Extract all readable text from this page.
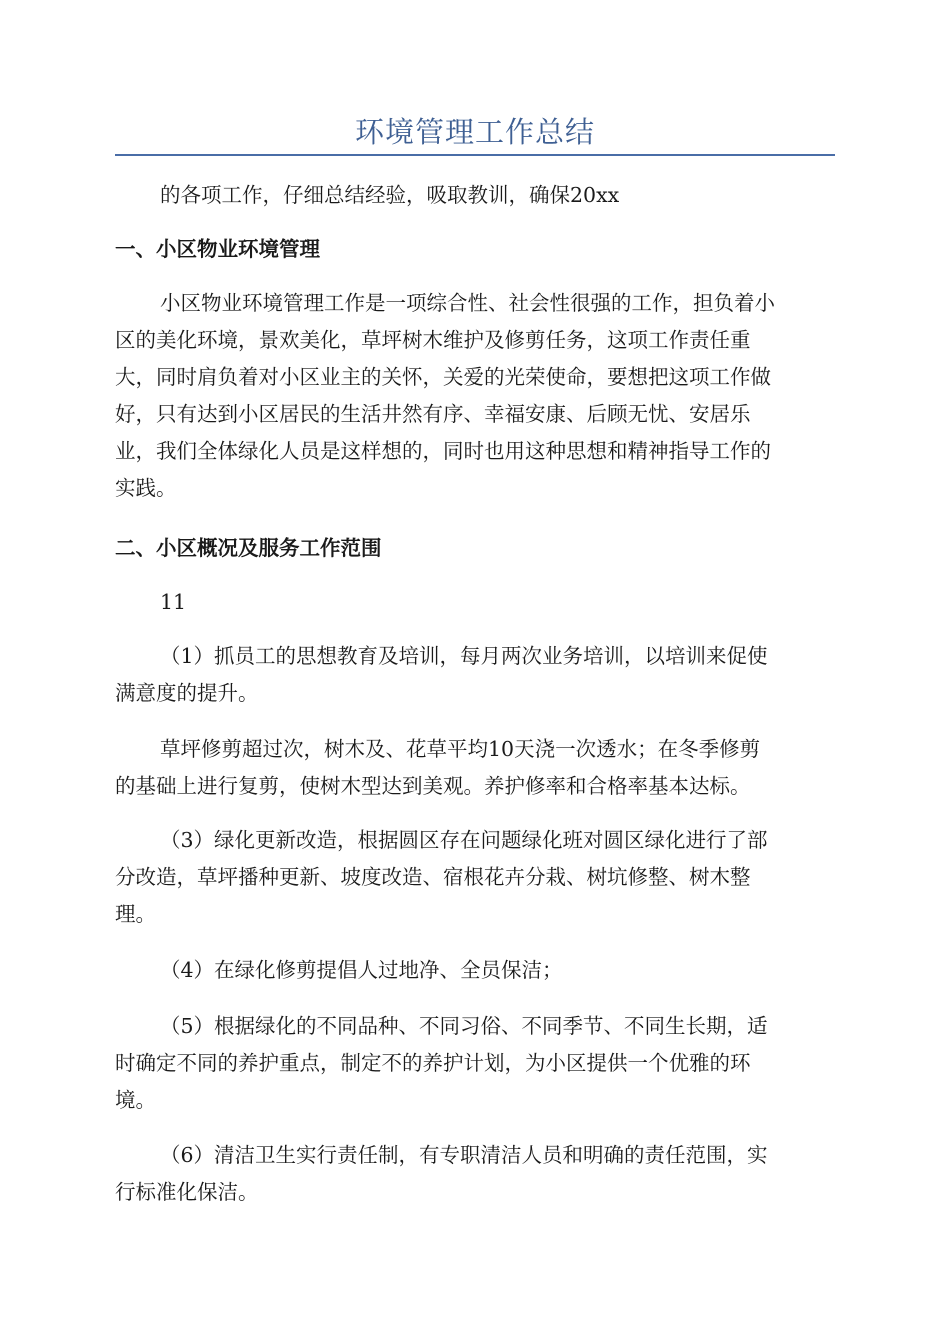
环境管理工作总结
的各项工作，仔细总结经验，吸取教训，确保20xx
一、小区物业环境管理
小区物业环境管理工作是一项综合性、社会性很强的工作，担负着小
区的美化环境，景欢美化，草坪树木维护及修剪任务，这项工作责任重
大，同时肩负着对小区业主的关怀，关爱的光荣使命，要想把这项工作做
好，只有达到小区居民的生活井然有序、幸福安康、后顾无忧、安居乐
业，我们全体绿化人员是这样想的，同时也用这种思想和精神指导工作的
实践。
二、小区概况及服务工作范围
11
（1）抓员工的思想教育及培训，每月两次业务培训，以培训来促使
满意度的提升。
草坪修剪超过次，树木及、花草平均10天浇一次透水；在冬季修剪
的基础上进行复剪，使树木型达到美观。养护修率和合格率基本达标。
（3）绿化更新改造，根据圆区存在问题绿化班对圆区绿化进行了部
分改造，草坪播种更新、坡度改造、宿根花卉分栽、树坑修整、树木整
理。
（4）在绿化修剪提倡人过地净、全员保洁；
（5）根据绿化的不同品种、不同习俗、不同季节、不同生长期，适
时确定不同的养护重点，制定不的养护计划，为小区提供一个优雅的环
境。
（6）清洁卫生实行责任制，有专职清洁人员和明确的责任范围，实
行标准化保洁。
